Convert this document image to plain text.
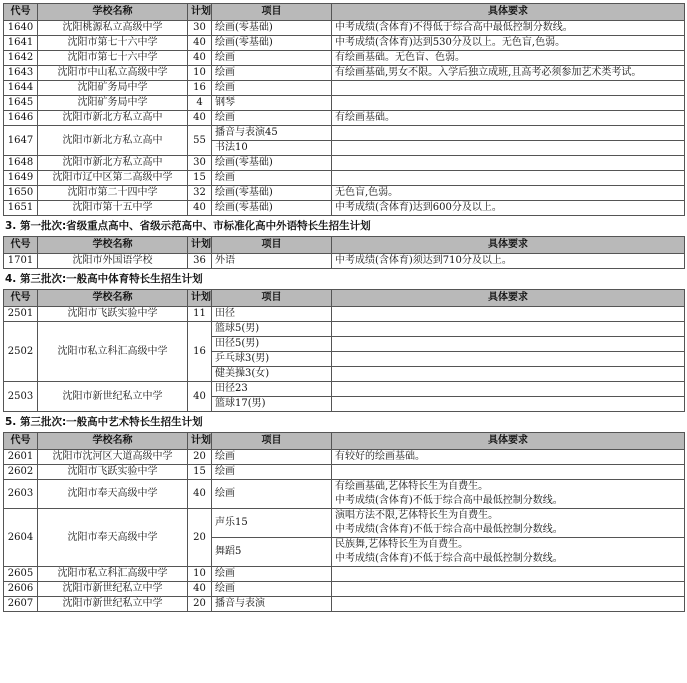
代号	学校名称	计划	项目	具体要求
1640	沈阳桃源私立高级中学	30	绘画(零基础)	中考成绩(含体育)不得低于综合高中最低控制分数线。
1641	沈阳市第七十六中学	40	绘画(零基础)	中考成绩(含体育)达到530分及以上。无色盲,色弱。
1642	沈阳市第七十六中学	40	绘画	有绘画基础。无色盲、色弱。
1643	沈阳市中山私立高级中学	10	绘画	有绘画基础,男女不限。入学后独立成班,且高考必须参加艺术类考试。
1644	沈阳矿务局中学	16	绘画	
1645	沈阳矿务局中学	4	钢琴	
1646	沈阳市新北方私立高中	40	绘画	有绘画基础。
1647	沈阳市新北方私立高中	55	播音与表演45	
			书法10	
1648	沈阳市新北方私立高中	30	绘画(零基础)	
1649	沈阳市辽中区第二高级中学	15	绘画	
1650	沈阳市第二十四中学	32	绘画(零基础)	无色盲,色弱。
1651	沈阳市第十五中学	40	绘画(零基础)	中考成绩(含体育)达到600分及以上。
3. 第一批次:省级重点高中、省级示范高中、市标准化高中外语特长生招生计划
代号	学校名称	计划	项目	具体要求
1701	沈阳市外国语学校	36	外语	中考成绩(含体育)须达到710分及以上。
4. 第三批次:一般高中体育特长生招生计划
代号	学校名称	计划	项目	具体要求
2501	沈阳市飞跃实验中学	11	田径	
2502	沈阳市私立科汇高级中学	16	篮球5(男)	
			田径5(男)	
			乒乓球3(男)	
			健美操3(女)	
2503	沈阳市新世纪私立中学	40	田径23	
			篮球17(男)	
5. 第三批次:一般高中艺术特长生招生计划
代号	学校名称	计划	项目	具体要求
2601	沈阳市沈河区大道高级中学	20	绘画	有较好的绘画基础。
2602	沈阳市飞跃实验中学	15	绘画	
2603	沈阳市奉天高级中学	40	绘画	有绘画基础,艺体特长生为自费生。
中考成绩(含体育)不低于综合高中最低控制分数线。
2604	沈阳市奉天高级中学	20	声乐15	演唱方法不限,艺体特长生为自费生。
中考成绩(含体育)不低于综合高中最低控制分数线。
			舞蹈5	民族舞,艺体特长生为自费生。
中考成绩(含体育)不低于综合高中最低控制分数线。
2605	沈阳市私立科汇高级中学	10	绘画	
2606	沈阳市新世纪私立中学	40	绘画	
2607	沈阳市新世纪私立中学	20	播音与表演	
